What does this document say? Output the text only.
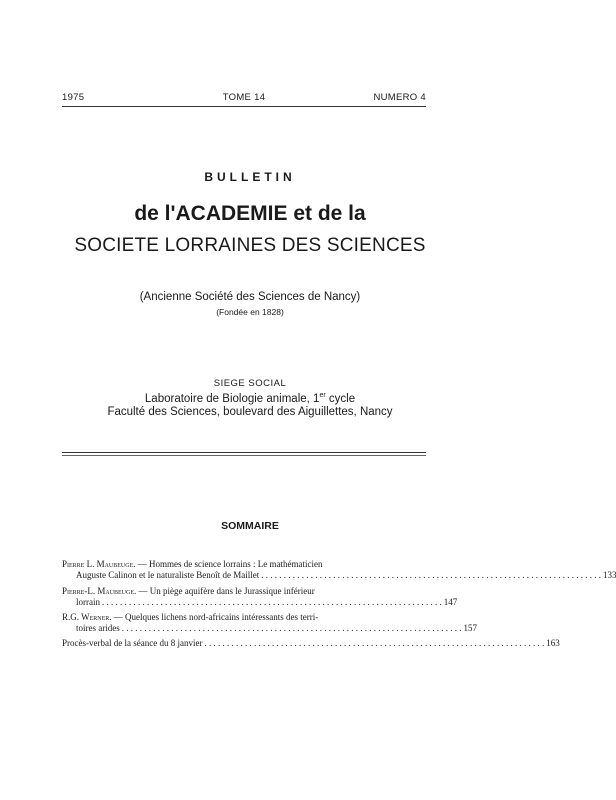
1975	TOME 14	NUMERO 4
BULLETIN
de l'ACADEMIE et de la
SOCIETE LORRAINES DES SCIENCES
(Ancienne Société des Sciences de Nancy)
(Fondée en 1828)
SIEGE SOCIAL
Laboratoire de Biologie animale, 1er cycle
Faculté des Sciences, boulevard des Aiguillettes, Nancy
SOMMAIRE
Pierre L. Maubeuge. — Hommes de science lorrains : Le mathématicien
Auguste Calinon et le naturaliste Benoît de Maillet . . . . . . . . . . . . . . . . . . . . . . . . . . . . . . . . . . . . . . . . . . . . . . . . . . . . . . . . . . . . . . . . . . . . . . . . . . . . 133
Pierre-L. Maubeuge. — Un piège aquifère dans le Jurassique inférieur
lorrain . . . . . . . . . . . . . . . . . . . . . . . . . . . . . . . . . . . . . . . . . . . . . . . . . . . . . . . . . . . . . . . . . . . . . . . . . . . . 147
R.G. Werner. — Quelques lichens nord-africains intéressants des terri-
toires arides . . . . . . . . . . . . . . . . . . . . . . . . . . . . . . . . . . . . . . . . . . . . . . . . . . . . . . . . . . . . . . . . . . . . . . . . . . . . 157
Procès-verbal de la séance du 8 janvier . . . . . . . . . . . . . . . . . . . . . . . . . . . . . . . . . . . . . . . . . . . . . . . . . . . . . . . . . . . . . . . . . . . . . . . . . . . . 163
